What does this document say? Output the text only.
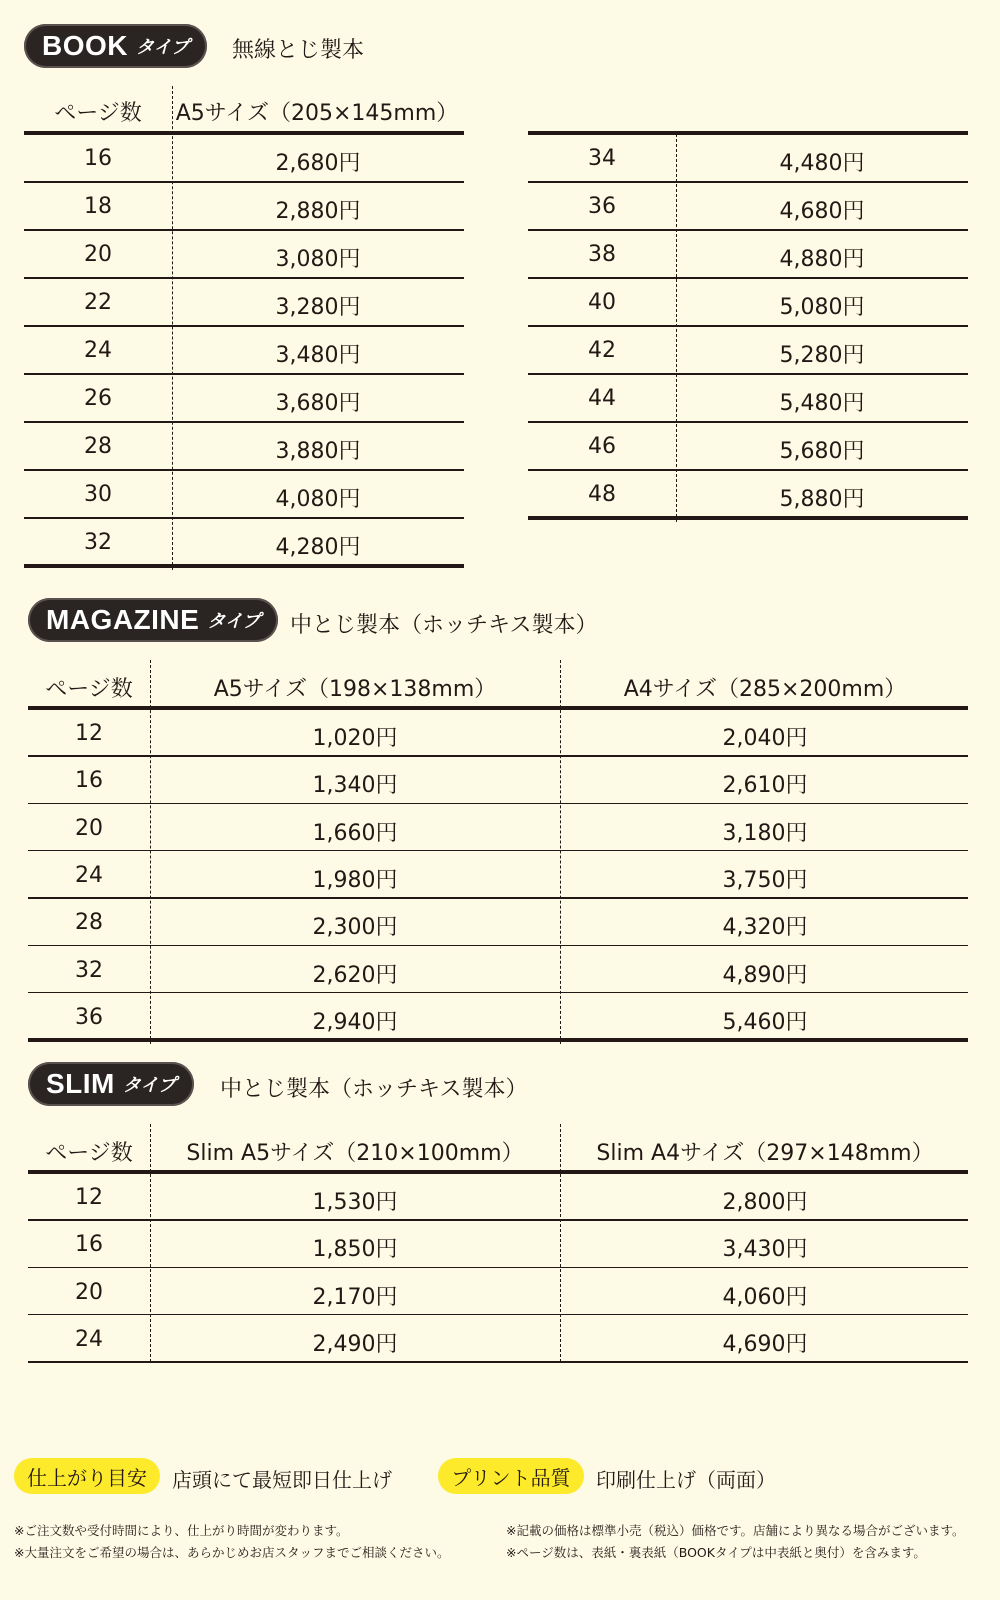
BOOK タイプ 無線とじ製本
ページ数	A5サイズ（205×145mm）
16	2,680円
18	2,880円
20	3,080円
22	3,280円
24	3,480円
26	3,680円
28	3,880円
30	4,080円
32	4,280円
34	4,480円
36	4,680円
38	4,880円
40	5,080円
42	5,280円
44	5,480円
46	5,680円
48	5,880円
MAGAZINE タイプ 中とじ製本（ホッチキス製本）
ページ数	A5サイズ（198×138mm）	A4サイズ（285×200mm）
12	1,020円	2,040円
16	1,340円	2,610円
20	1,660円	3,180円
24	1,980円	3,750円
28	2,300円	4,320円
32	2,620円	4,890円
36	2,940円	5,460円
SLIM タイプ 中とじ製本（ホッチキス製本）
ページ数	Slim A5サイズ（210×100mm）	Slim A4サイズ（297×148mm）
12	1,530円	2,800円
16	1,850円	3,430円
20	2,170円	4,060円
24	2,490円	4,690円
仕上がり目安	店頭にて最短即日仕上げ	プリント品質	印刷仕上げ（両面）
※ご注文数や受付時間により、仕上がり時間が変わります。
※大量注文をご希望の場合は、あらかじめお店スタッフまでご相談ください。
※記載の価格は標準小売（税込）価格です。店舗により異なる場合がございます。
※ページ数は、表紙・裏表紙（BOOKタイプは中表紙と奥付）を含みます。
